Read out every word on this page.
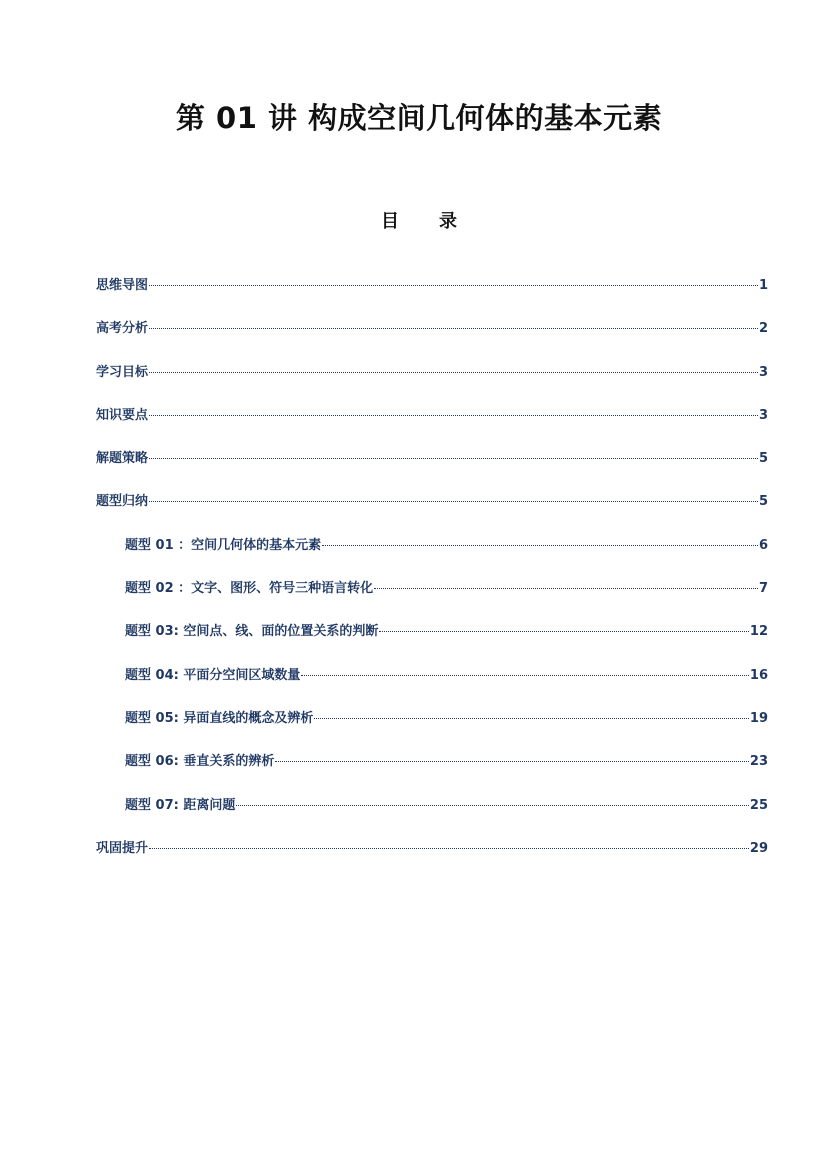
第 01 讲 构成空间几何体的基本元素
目录
思维导图	1
高考分析	2
学习目标	3
知识要点	3
解题策略	5
题型归纳	5
题型 01 ：空间几何体的基本元素	6
题型 02 ：文字、图形、符号三种语言转化	7
题型 03: 空间点、线、面的位置关系的判断	12
题型 04: 平面分空间区域数量	16
题型 05: 异面直线的概念及辨析	19
题型 06: 垂直关系的辨析	23
题型 07: 距离问题	25
巩固提升	29
